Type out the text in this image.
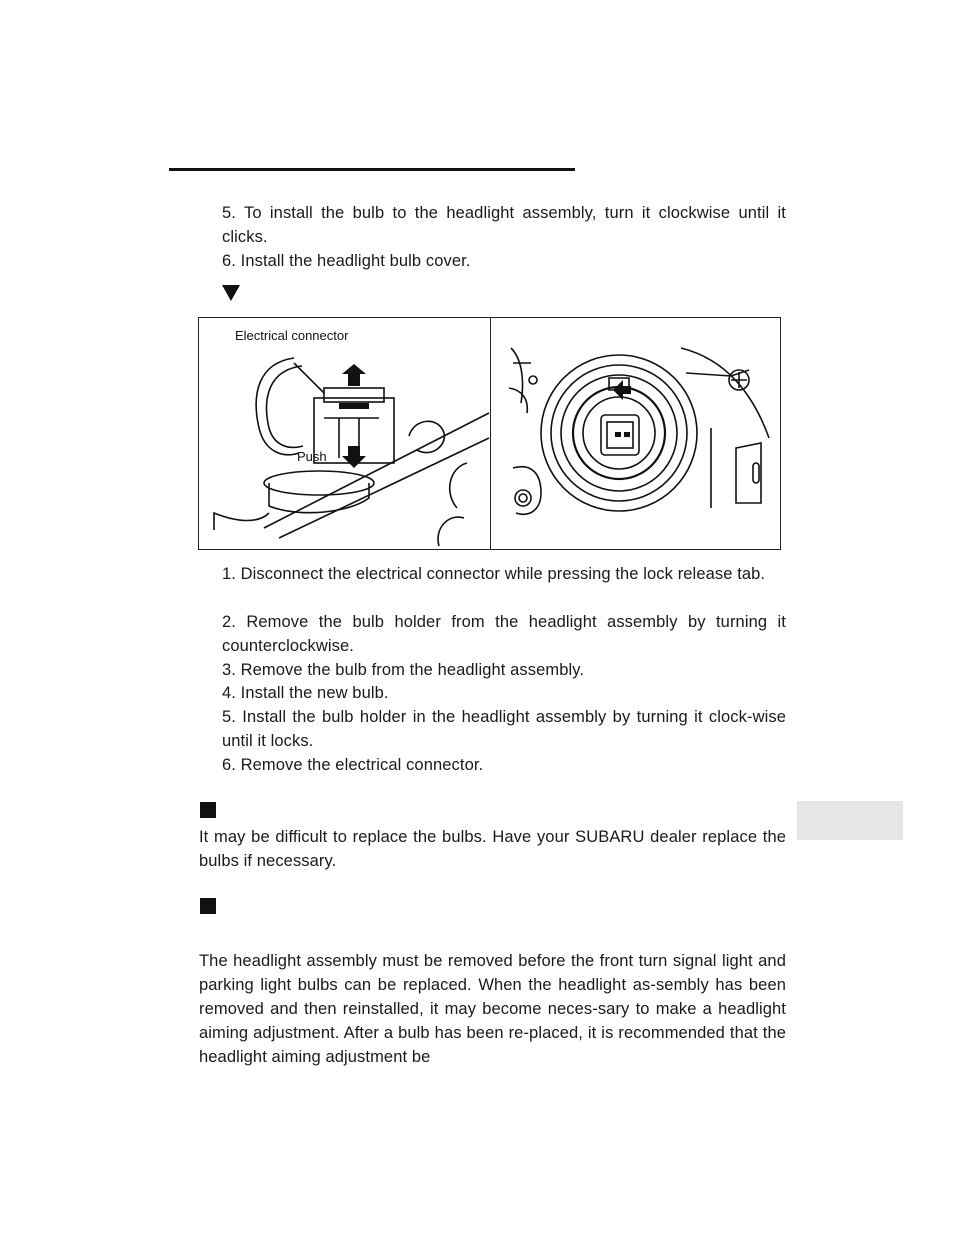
5. To install the bulb to the headlight assembly, turn it clockwise until it clicks.

6. Install the headlight bulb cover.

Electrical connector
Push

1. Disconnect the electrical connector while pressing the lock release tab.

2. Remove the bulb holder from the headlight assembly by turning it counterclockwise.

3. Remove the bulb from the headlight assembly.

4. Install the new bulb.

5. Install the bulb holder in the headlight assembly by turning it clock-wise until it locks.

6. Remove the electrical connector.

It may be difficult to replace the bulbs. Have your SUBARU dealer replace the bulbs if necessary.

The headlight assembly must be removed before the front turn signal light and parking light bulbs can be replaced. When the headlight as-sembly has been removed and then reinstalled, it may become neces-sary to make a headlight aiming adjustment. After a bulb has been re-placed, it is recommended that the headlight aiming adjustment be
